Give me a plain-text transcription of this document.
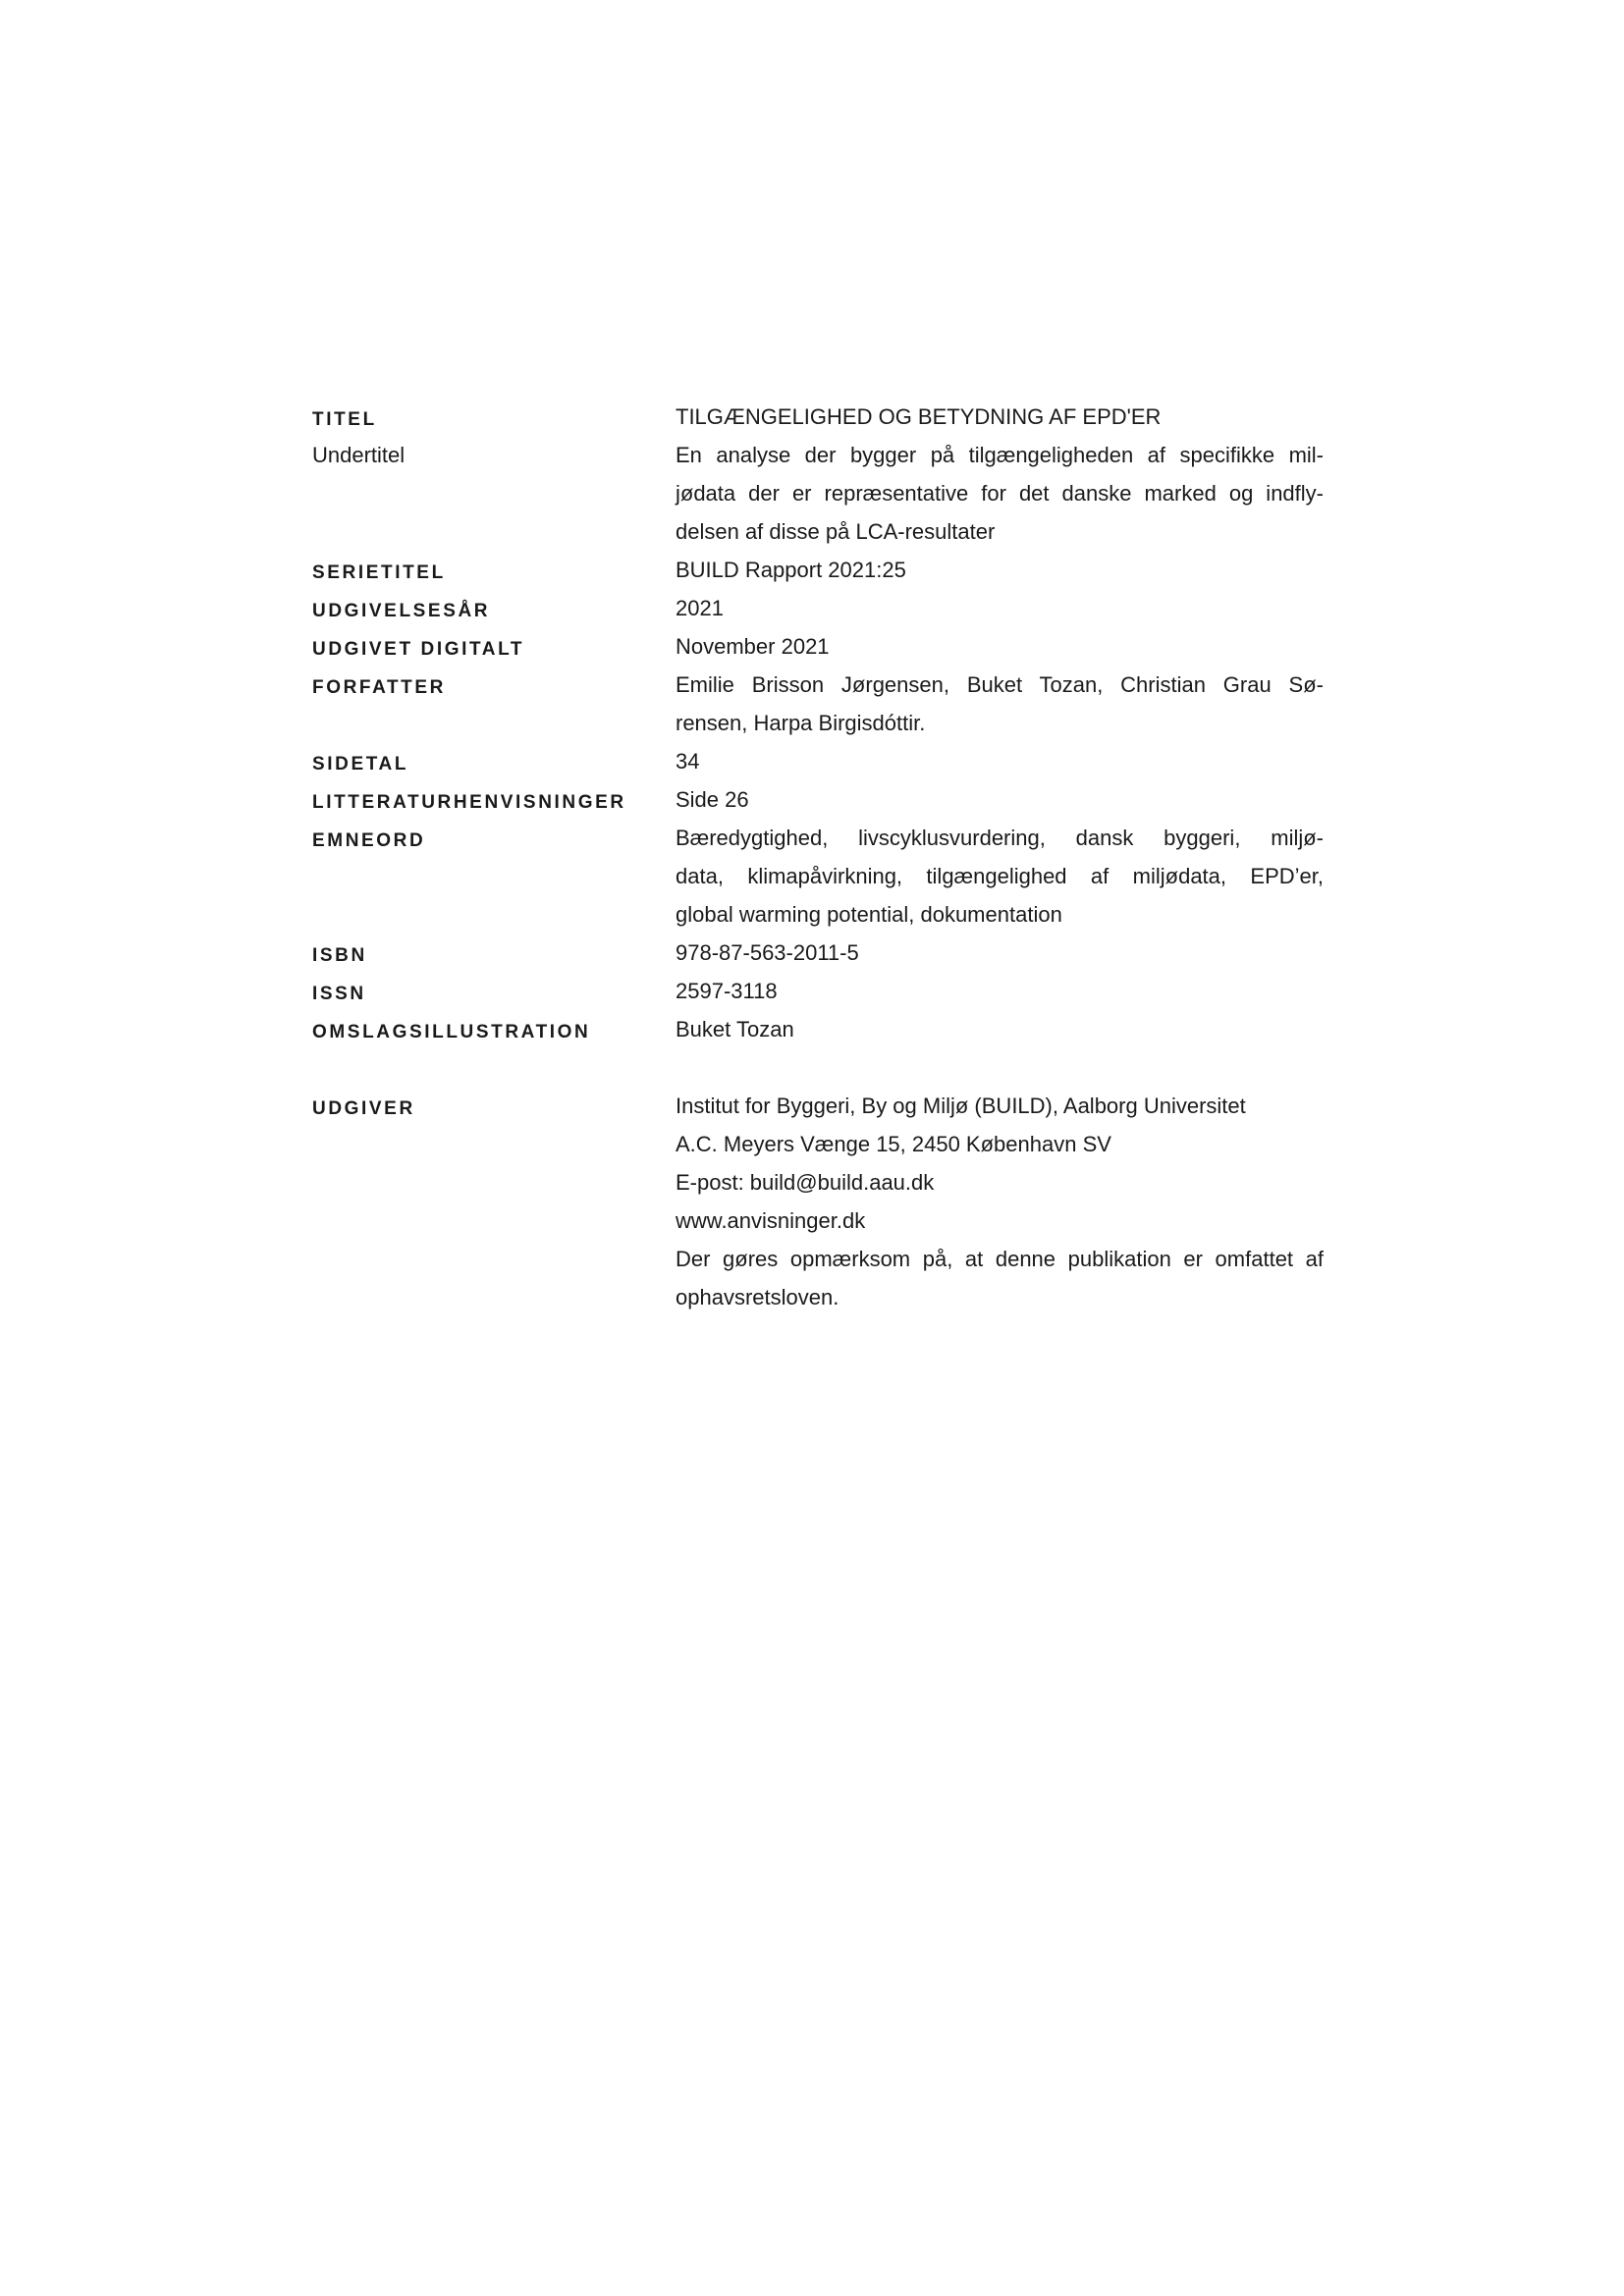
TITEL	TILGÆNGELIGHED OG BETYDNING AF EPD'ER
Undertitel	En analyse der bygger på tilgængeligheden af specifikke mil-
jødata der er repræsentative for det danske marked og indfly-
delsen af disse på LCA-resultater
SERIETITEL	BUILD Rapport 2021:25
UDGIVELSESÅR	2021
UDGIVET DIGITALT	November 2021
FORFATTER	Emilie Brisson Jørgensen, Buket Tozan, Christian Grau Sø-
rensen, Harpa Birgisdóttir.
SIDETAL	34
LITTERATURHENVISNINGER	Side 26
EMNEORD	Bæredygtighed, livscyklusvurdering, dansk byggeri, miljø-
data, klimapåvirkning, tilgængelighed af miljødata, EPD’er,
global warming potential, dokumentation
ISBN	978-87-563-2011-5
ISSN	2597-3118
OMSLAGSILLUSTRATION	Buket Tozan
UDGIVER	Institut for Byggeri, By og Miljø (BUILD), Aalborg Universitet
A.C. Meyers Vænge 15, 2450 København SV
E-post: build@build.aau.dk
www.anvisninger.dk
Der gøres opmærksom på, at denne publikation er omfattet af
ophavsretsloven.
